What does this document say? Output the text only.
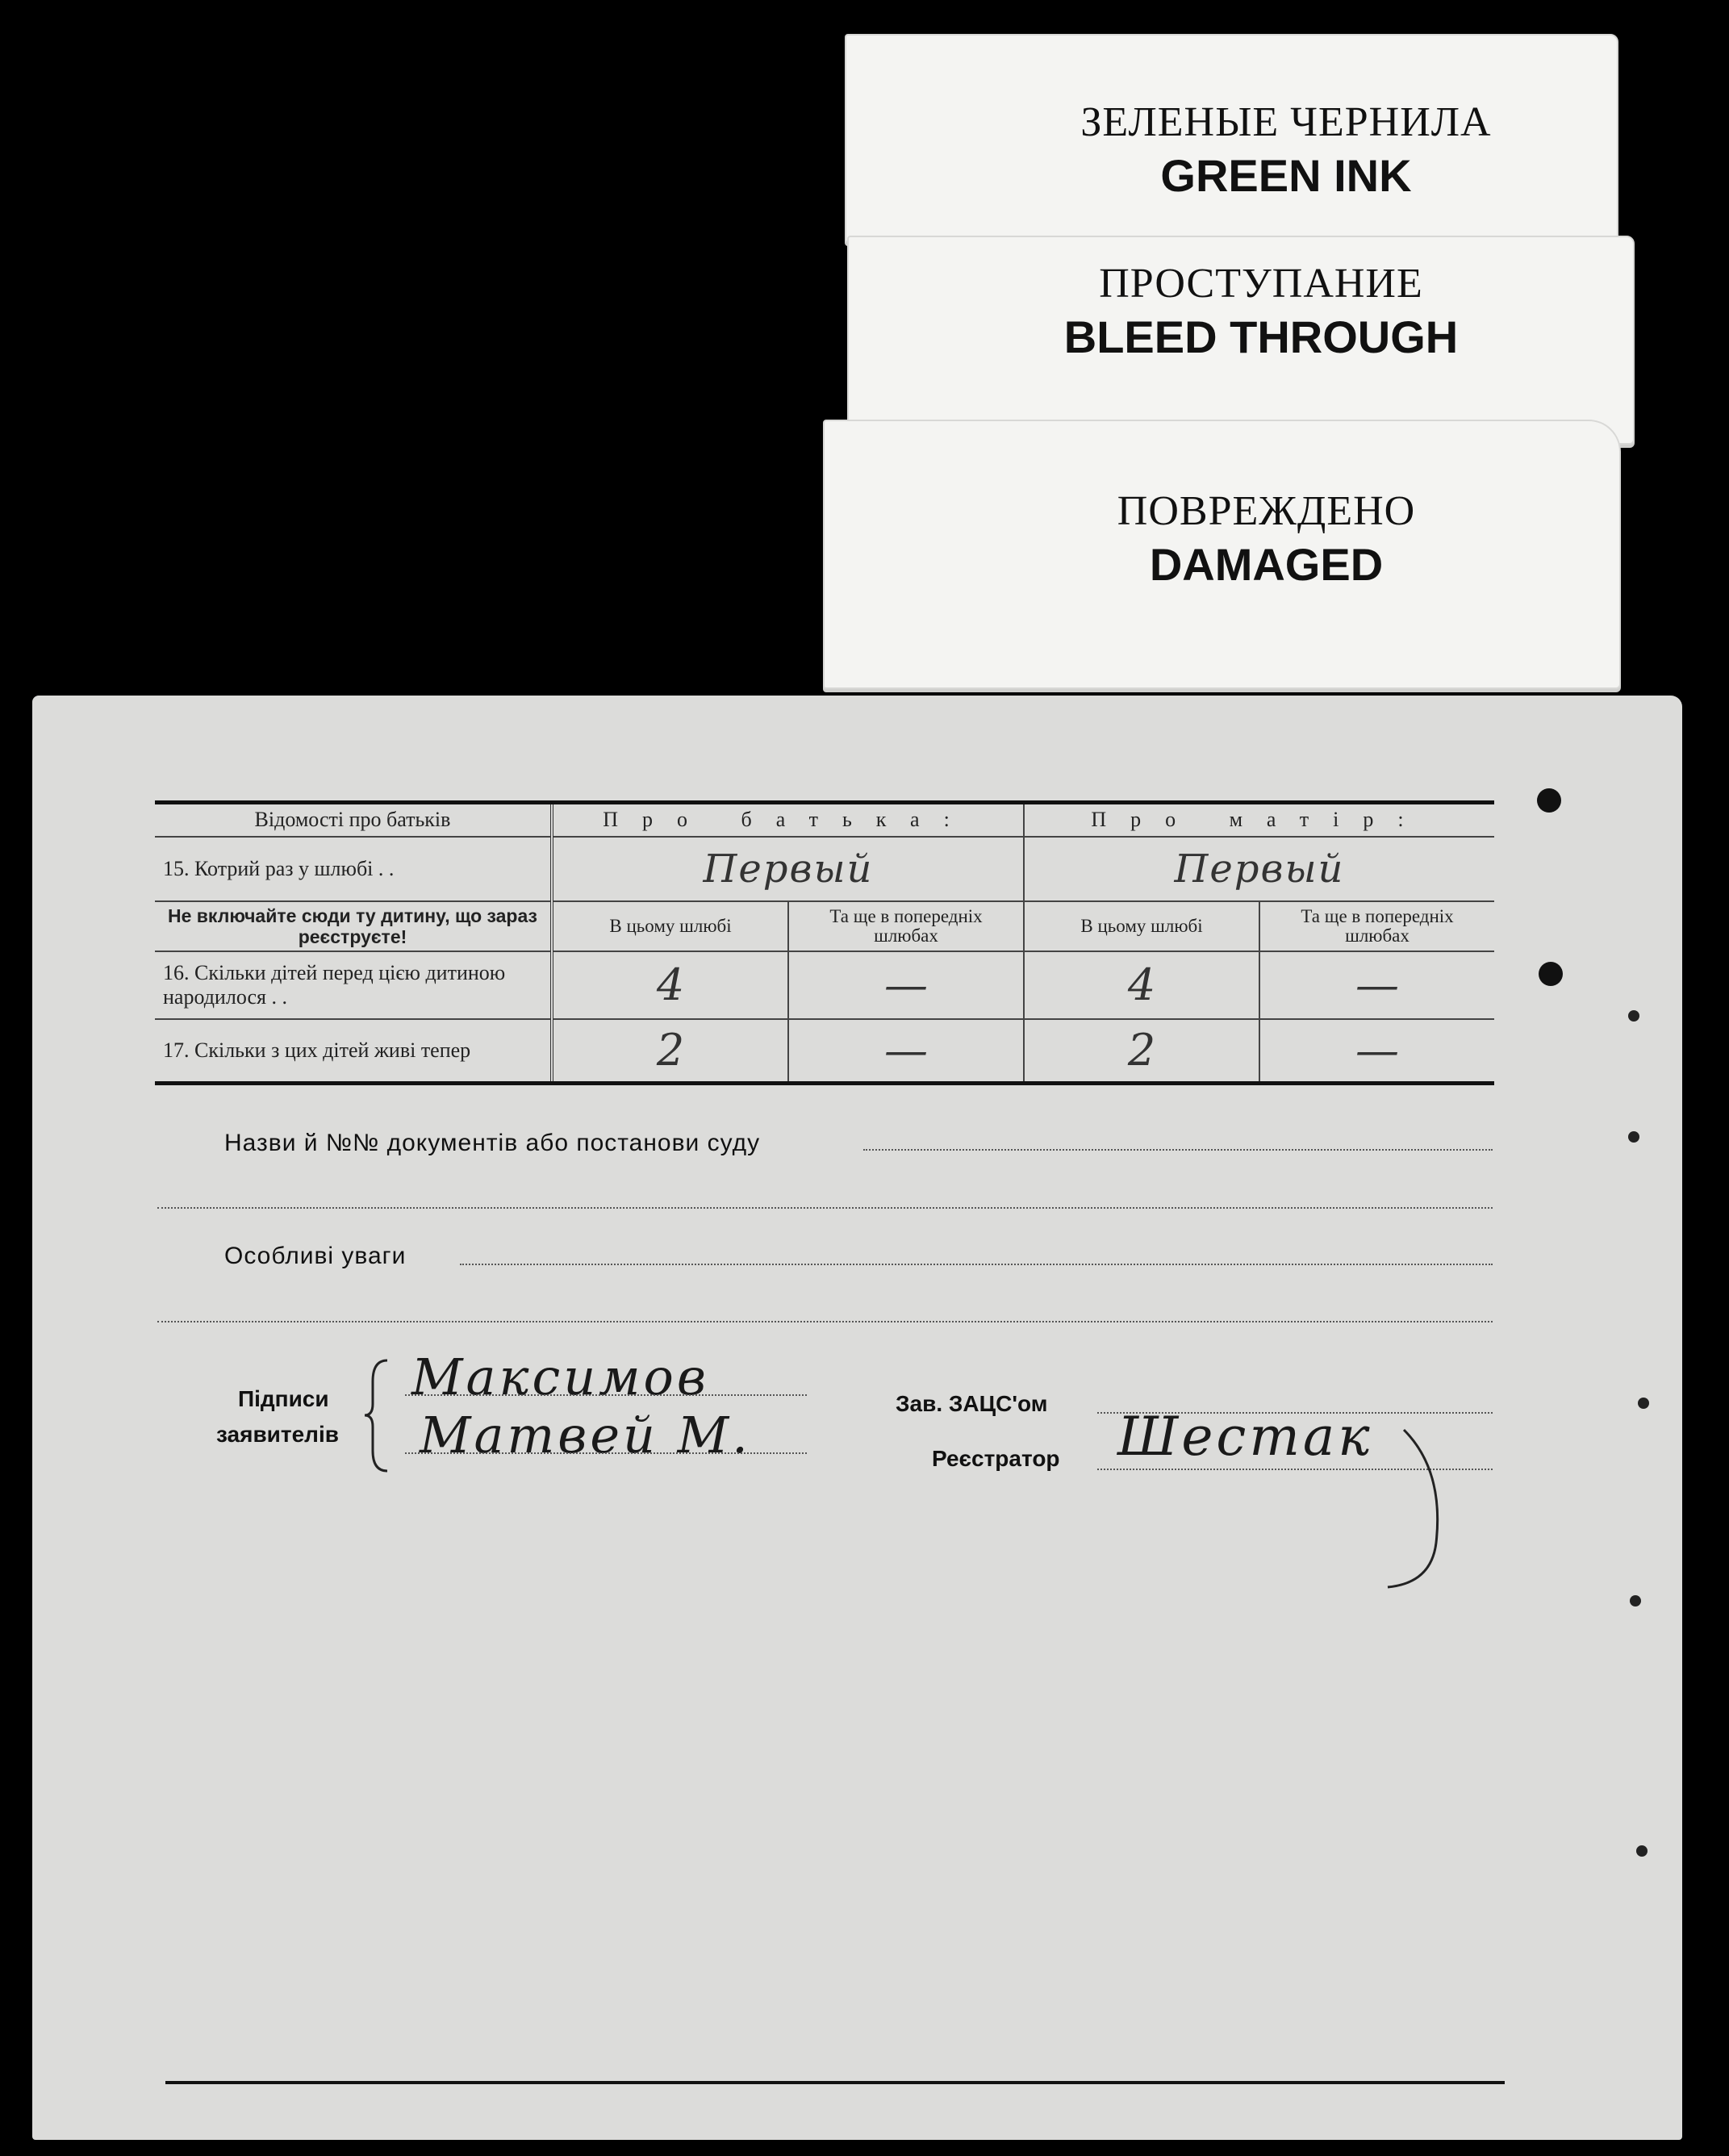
ЗЕЛЕНЫЕ ЧЕРНИЛА
GREEN INK
ПРОСТУПАНИЕ
BLEED THROUGH
ПОВРЕЖДЕНО
DAMAGED
Відомості про батьків	Про батька:		Про матір:	
15. Котрий раз у шлюбі . .	Первый		Первый	

Не включайте сюди ту дитину, що зараз реєструєте!	В цьому шлюбі	Та ще в попередніх шлюбах	В цьому шлюбі	Та ще в попередніх шлюбах
16. Скільки дітей перед цією дитиною народилося . .	4	—	4	—

17. Скільки з цих дітей живі тепер	2	—	2	—
Назви й №№ документів або постанови суду
Особливі уваги
Підписи
заявителів
Максимов
Матвей М.
Зав. ЗАЦС'ом
Реєстратор Шестак
